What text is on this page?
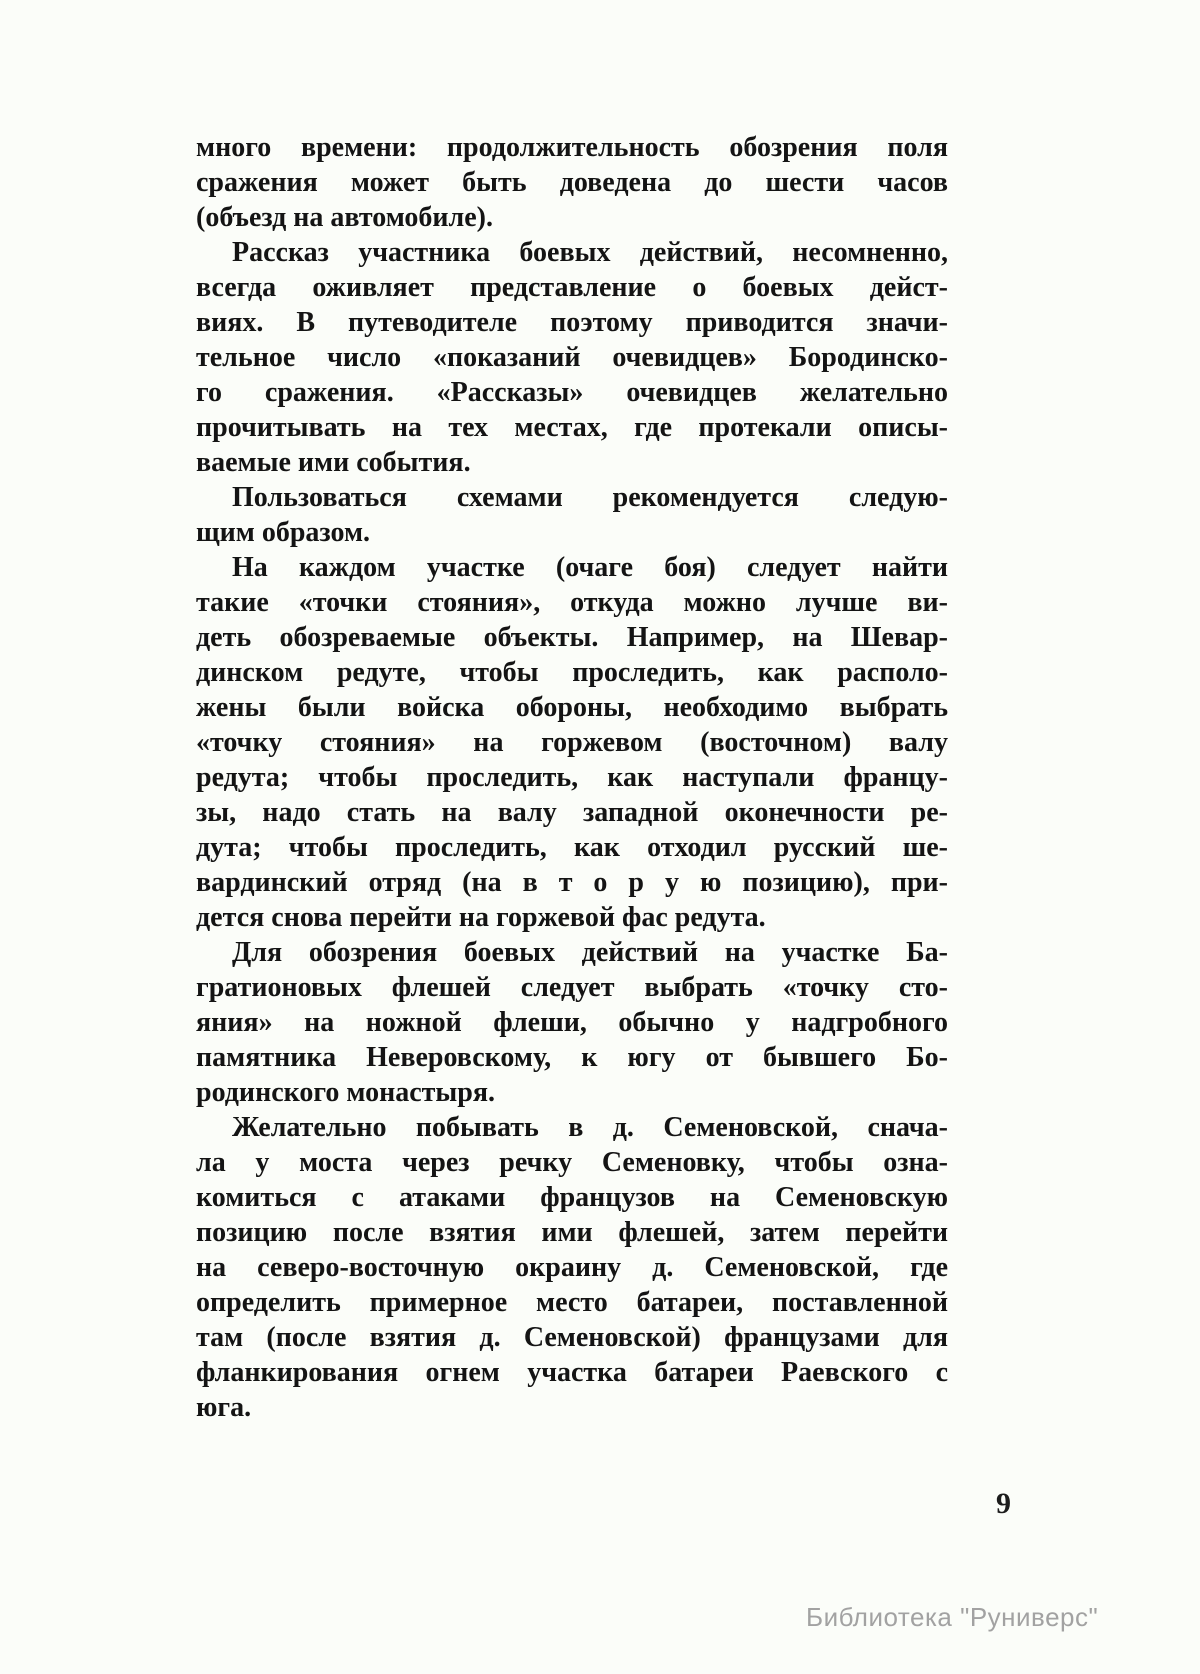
много времени: продолжительность обозрения поля
сражения может быть доведена до шести часов
(объезд на автомобиле).
Рассказ участника боевых действий, несомненно,
всегда оживляет представление о боевых дейст-
виях. В путеводителе поэтому приводится значи-
тельное число «показаний очевидцев» Бородинско-
го сражения. «Рассказы» очевидцев желательно
прочитывать на тех местах, где протекали описы-
ваемые ими события.
Пользоваться схемами рекомендуется следую-
щим образом.
На каждом участке (очаге боя) следует найти
такие «точки стояния», откуда можно лучше ви-
деть обозреваемые объекты. Например, на Шевар-
динском редуте, чтобы проследить, как располо-
жены были войска обороны, необходимо выбрать
«точку стояния» на горжевом (восточном) валу
редута; чтобы проследить, как наступали францу-
зы, надо стать на валу западной оконечности ре-
дута; чтобы проследить, как отходил русский ше-
вардинский отряд (на в т о р у ю позицию), при-
дется снова перейти на горжевой фас редута.
Для обозрения боевых действий на участке Ба-
гратионовых флешей следует выбрать «точку сто-
яния» на ножной флеши, обычно у надгробного
памятника Неверовскому, к югу от бывшего Бо-
родинского монастыря.
Желательно побывать в д. Семеновской, снача-
ла у моста через речку Семеновку, чтобы озна-
комиться с атаками французов на Семеновскую
позицию после взятия ими флешей, затем перейти
на северо-восточную окраину д. Семеновской, где
определить примерное место батареи, поставленной
там (после взятия д. Семеновской) французами для
фланкирования огнем участка батареи Раевского с
юга.
9
Библиотека "Руниверс"
